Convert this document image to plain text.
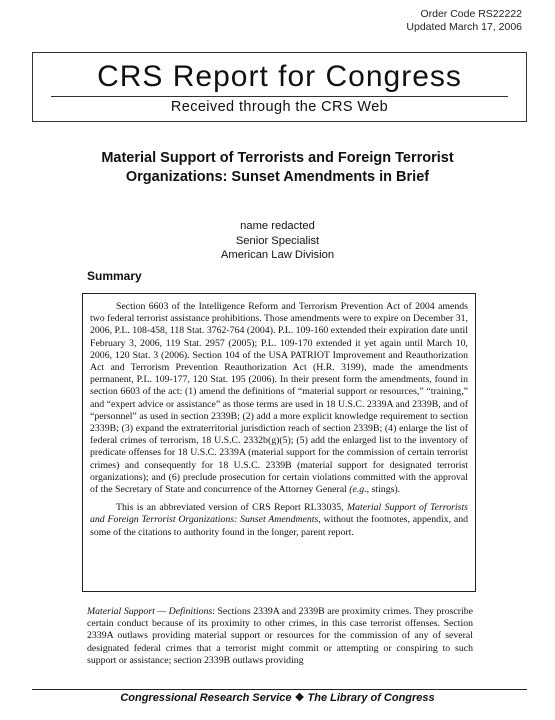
Order Code RS22222
Updated March 17, 2006
CRS Report for Congress
Received through the CRS Web
Material Support of Terrorists and Foreign Terrorist Organizations: Sunset Amendments in Brief
name redacted
Senior Specialist
American Law Division
Summary

Section 6603 of the Intelligence Reform and Terrorism Prevention Act of 2004 amends two federal terrorist assistance prohibitions. Those amendments were to expire on December 31, 2006, P.L. 108-458, 118 Stat. 3762-764 (2004). P.L. 109-160 extended their expiration date until February 3, 2006, 119 Stat. 2957 (2005); P.L. 109-170 extended it yet again until March 10, 2006, 120 Stat. 3 (2006). Section 104 of the USA PATRIOT Improvement and Reauthorization Act and Terrorism Prevention Reauthorization Act (H.R. 3199), made the amendments permanent, P.L. 109-177, 120 Stat. 195 (2006). In their present form the amendments, found in section 6603 of the act: (1) amend the definitions of “material support or resources,” “training,” and “expert advice or assistance” as those terms are used in 18 U.S.C. 2339A and 2339B, and of “personnel” as used in section 2339B; (2) add a more explicit knowledge requirement to section 2339B; (3) expand the extraterritorial jurisdiction reach of section 2339B; (4) enlarge the list of federal crimes of terrorism, 18 U.S.C. 2332b(g)(5); (5) add the enlarged list to the inventory of predicate offenses for 18 U.S.C. 2339A (material support for the commission of certain terrorist crimes) and consequently for 18 U.S.C. 2339B (material support for designated terrorist organizations); and (6) preclude prosecution for certain violations committed with the approval of the Secretary of State and concurrence of the Attorney General (e.g., stings).

This is an abbreviated version of CRS Report RL33035, Material Support of Terrorists and Foreign Terrorist Organizations: Sunset Amendments, without the footnotes, appendix, and some of the citations to authority found in the longer, parent report.

Material Support — Definitions: Sections 2339A and 2339B are proximity crimes. They proscribe certain conduct because of its proximity to other crimes, in this case terrorist offenses. Section 2339A outlaws providing material support or resources for the commission of any of several designated federal crimes that a terrorist might commit or attempting or conspiring to such support or assistance; section 2339B outlaws providing
Congressional Research Service ❖ The Library of Congress
